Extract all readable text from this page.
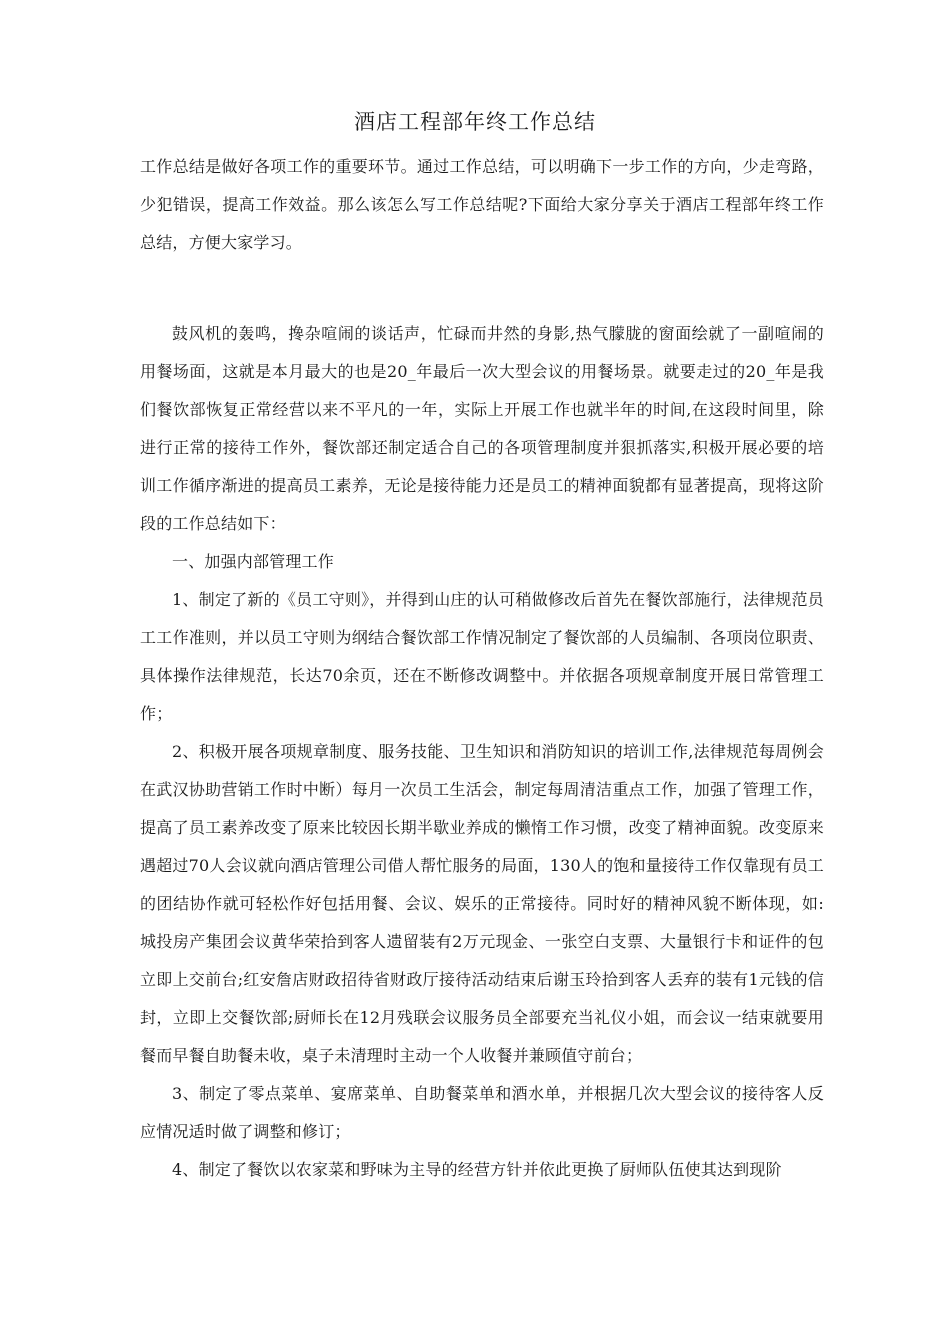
酒店工程部年终工作总结

工作总结是做好各项工作的重要环节。通过工作总结，可以明确下一步工作的方向，少走弯路，少犯错误，提高工作效益。那么该怎么写工作总结呢?下面给大家分享关于酒店工程部年终工作总结，方便大家学习。

鼓风机的轰鸣，搀杂喧闹的谈话声，忙碌而井然的身影,热气朦胧的窗面绘就了一副喧闹的用餐场面，这就是本月最大的也是20_年最后一次大型会议的用餐场景。就要走过的20_年是我们餐饮部恢复正常经营以来不平凡的一年，实际上开展工作也就半年的时间,在这段时间里，除进行正常的接待工作外，餐饮部还制定适合自己的各项管理制度并狠抓落实,积极开展必要的培训工作循序渐进的提高员工素养，无论是接待能力还是员工的精神面貌都有显著提高，现将这阶段的工作总结如下：

一、加强内部管理工作

1、制定了新的《员工守则》，并得到山庄的认可稍做修改后首先在餐饮部施行，法律规范员工工作准则，并以员工守则为纲结合餐饮部工作情况制定了餐饮部的人员编制、各项岗位职责、具体操作法律规范，长达70余页，还在不断修改调整中。并依据各项规章制度开展日常管理工作；

2、积极开展各项规章制度、服务技能、卫生知识和消防知识的培训工作,法律规范每周例会在武汉协助营销工作时中断）每月一次员工生活会，制定每周清洁重点工作，加强了管理工作，提高了员工素养改变了原来比较因长期半歇业养成的懒惰工作习惯，改变了精神面貌。改变原来遇超过70人会议就向酒店管理公司借人帮忙服务的局面，130人的饱和量接待工作仅靠现有员工的团结协作就可轻松作好包括用餐、会议、娱乐的正常接待。同时好的精神风貌不断体现，如:城投房产集团会议黄华荣拾到客人遗留装有2万元现金、一张空白支票、大量银行卡和证件的包立即上交前台;红安詹店财政招待省财政厅接待活动结束后谢玉玲拾到客人丢弃的装有1元钱的信封，立即上交餐饮部;厨师长在12月残联会议服务员全部要充当礼仪小姐，而会议一结束就要用餐而早餐自助餐未收，桌子未清理时主动一个人收餐并兼顾值守前台；

3、制定了零点菜单、宴席菜单、自助餐菜单和酒水单，并根据几次大型会议的接待客人反应情况适时做了调整和修订；

4、制定了餐饮以农家菜和野味为主导的经营方针并依此更换了厨师队伍使其达到现阶
